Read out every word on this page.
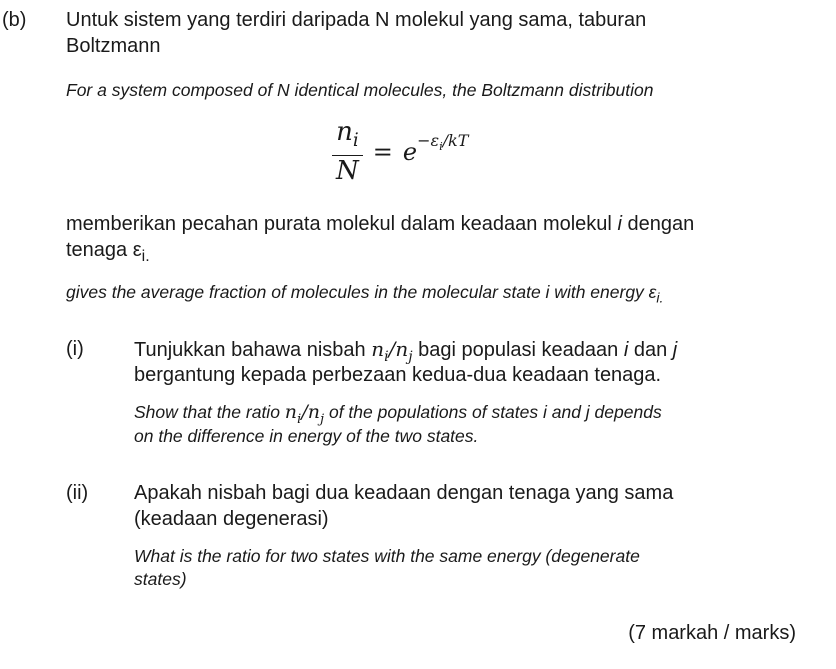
(b) Untuk sistem yang terdiri daripada N molekul yang sama, taburan
Boltzmann
For a system composed of N identical molecules, the Boltzmann distribution
$\frac{n_i}{N} = e^{-\varepsilon_i/kT}$
memberikan pecahan purata molekul dalam keadaan molekul i dengan
tenaga $\varepsilon_{i.}$
gives the average fraction of molecules in the molecular state i with energy $\varepsilon_{i.}$
(i)	Tunjukkan bahawa nisbah $n_i/n_j$ bagi populasi keadaan i dan j
bergantung kepada perbezaan kedua-dua keadaan tenaga.
Show that the ratio $n_i/n_j$ of the populations of states i and j depends
on the difference in energy of the two states.
(ii) Apakah nisbah bagi dua keadaan dengan tenaga yang sama
(keadaan degenerasi)
What is the ratio for two states with the same energy (degenerate
states)
(7 markah / marks)
